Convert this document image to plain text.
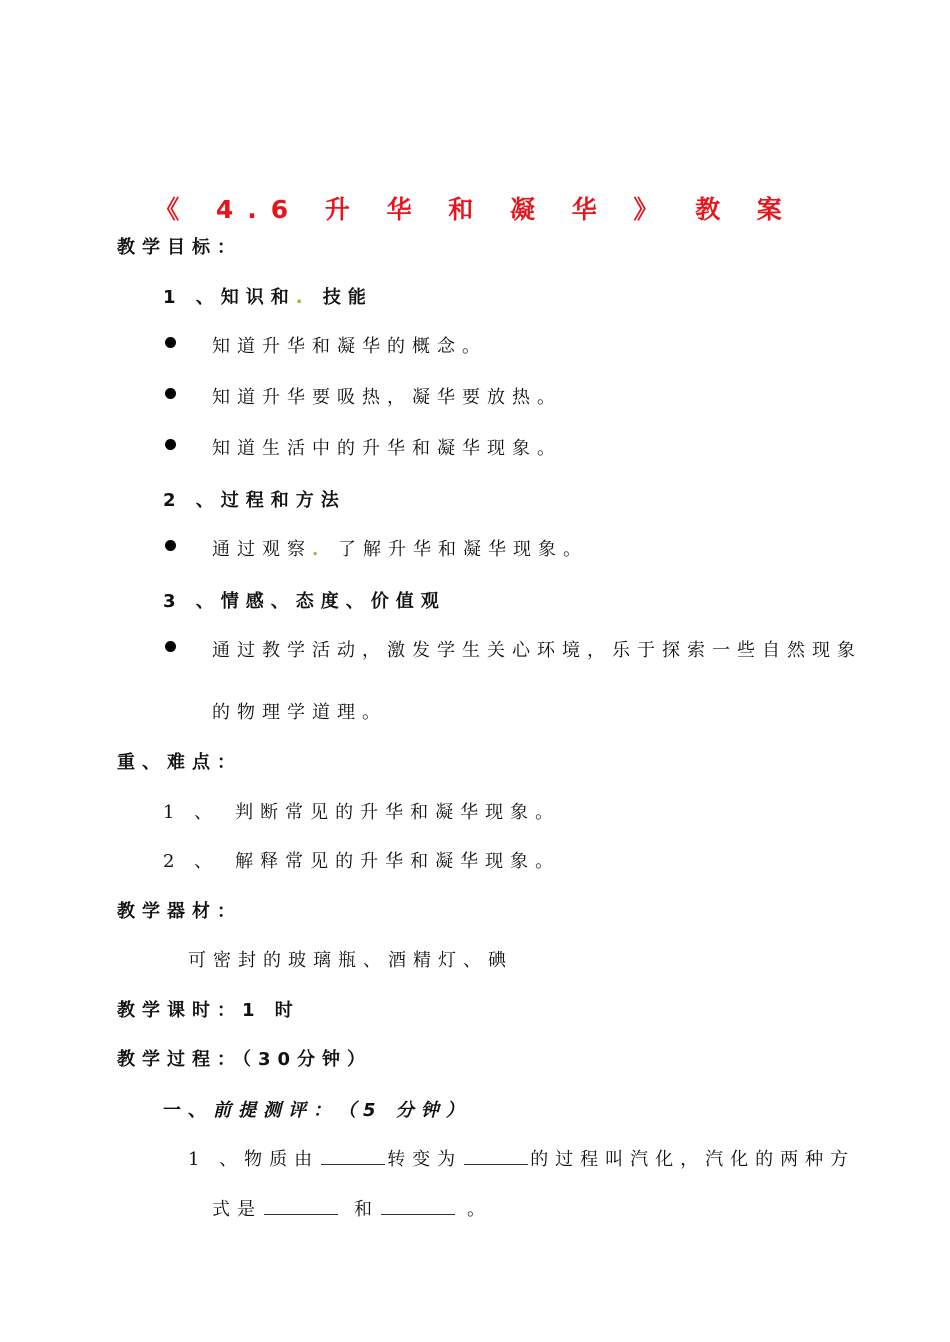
《 4.6 升 华 和 凝 华 》 教 案
教学目标：
1 、知识和. 技能
知道升华和凝华的概念。
知道升华要吸热，凝华要放热。
知道生活中的升华和凝华现象。
2 、过程和方法
通过观察. 了解升华和凝华现象。
3 、情感、态度、价值观
通过教学活动，激发学生关心环境，乐于探索一些自然现象
的物理学道理。
重、难点：
1 、　判断常见的升华和凝华现象。
2 、　解释常见的升华和凝华现象。
教学器材：
可密封的玻璃瓶、酒精灯、碘
教学课时：1 时
教学过程：（30分钟）
一、前提测评：（5 分钟）
1 、物质由	转变为	的过程叫汽化，汽化的两种方
式是	和	。
